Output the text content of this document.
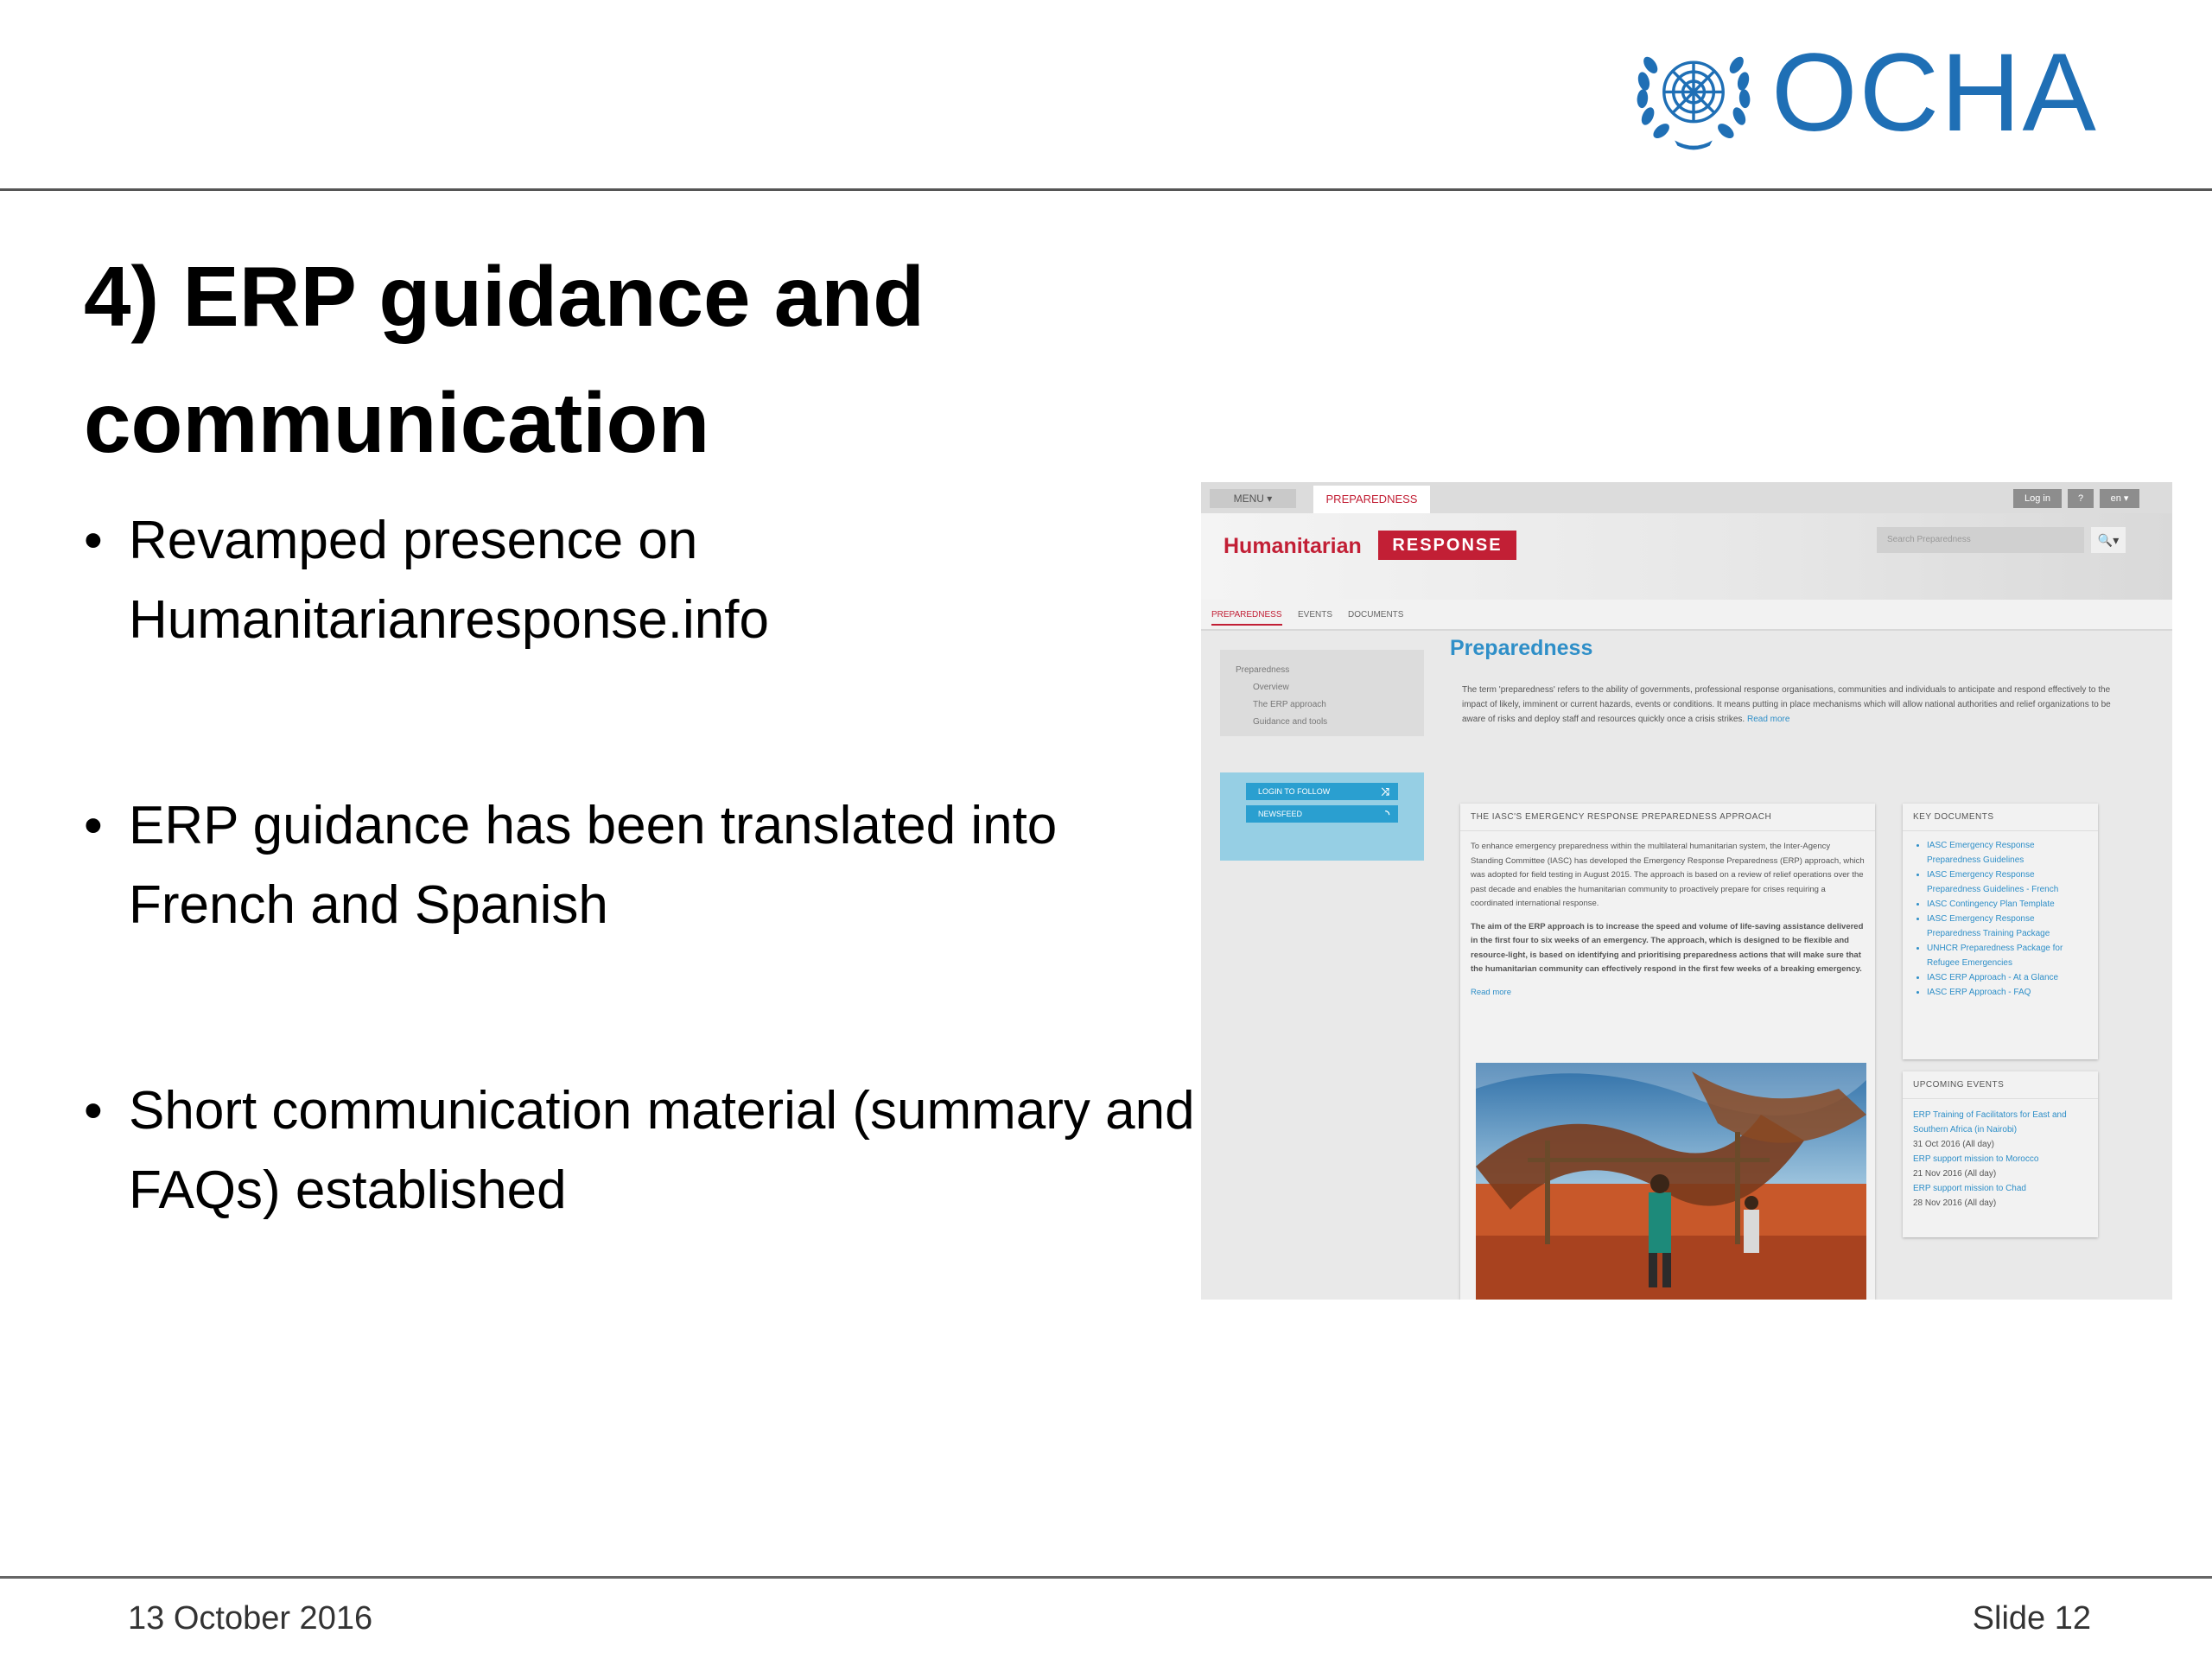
OCHA
4) ERP guidance and communication
• Revamped presence on Humanitarianresponse.info
• ERP guidance has been translated into French and Spanish
• Short communication material (summary and FAQs) established
MENU ▾	PREPAREDNESS	Log in	?	en ▾
Humanitarian	RESPONSE	Search Preparedness	🔍▾
PREPAREDNESS EVENTS DOCUMENTS
Preparedness
Overview
The ERP approach
Guidance and tools
LOGIN TO FOLLOW	⤨
NEWSFEED	◝
Preparedness
The term 'preparedness' refers to the ability of governments, professional response organisations, communities and individuals to anticipate and respond effectively to the impact of likely, imminent or current hazards, events or conditions. It means putting in place mechanisms which will allow national authorities and relief organizations to be aware of risks and deploy staff and resources quickly once a crisis strikes. Read more
THE IASC'S EMERGENCY RESPONSE PREPAREDNESS APPROACH

To enhance emergency preparedness within the multilateral humanitarian system, the Inter-Agency Standing Committee (IASC) has developed the Emergency Response Preparedness (ERP) approach, which was adopted for field testing in August 2015. The approach is based on a review of relief operations over the past decade and enables the humanitarian community to proactively prepare for crises requiring a coordinated international response.

The aim of the ERP approach is to increase the speed and volume of life-saving assistance delivered in the first four to six weeks of an emergency. The approach, which is designed to be flexible and resource-light, is based on identifying and prioritising preparedness actions that will make sure that the humanitarian community can effectively respond in the first few weeks of a breaking emergency.

Read more

KEY DOCUMENTS
• IASC Emergency Response Preparedness Guidelines
• IASC Emergency Response Preparedness Guidelines - French
• IASC Contingency Plan Template
• IASC Emergency Response Preparedness Training Package
• UNHCR Preparedness Package for Refugee Emergencies
• IASC ERP Approach - At a Glance
• IASC ERP Approach - FAQ
UPCOMING EVENTS
ERP Training of Facilitators for East and Southern Africa (in Nairobi)
31 Oct 2016 (All day)
ERP support mission to Morocco
21 Nov 2016 (All day)
ERP support mission to Chad
28 Nov 2016 (All day)
13 October 2016	Slide 12
